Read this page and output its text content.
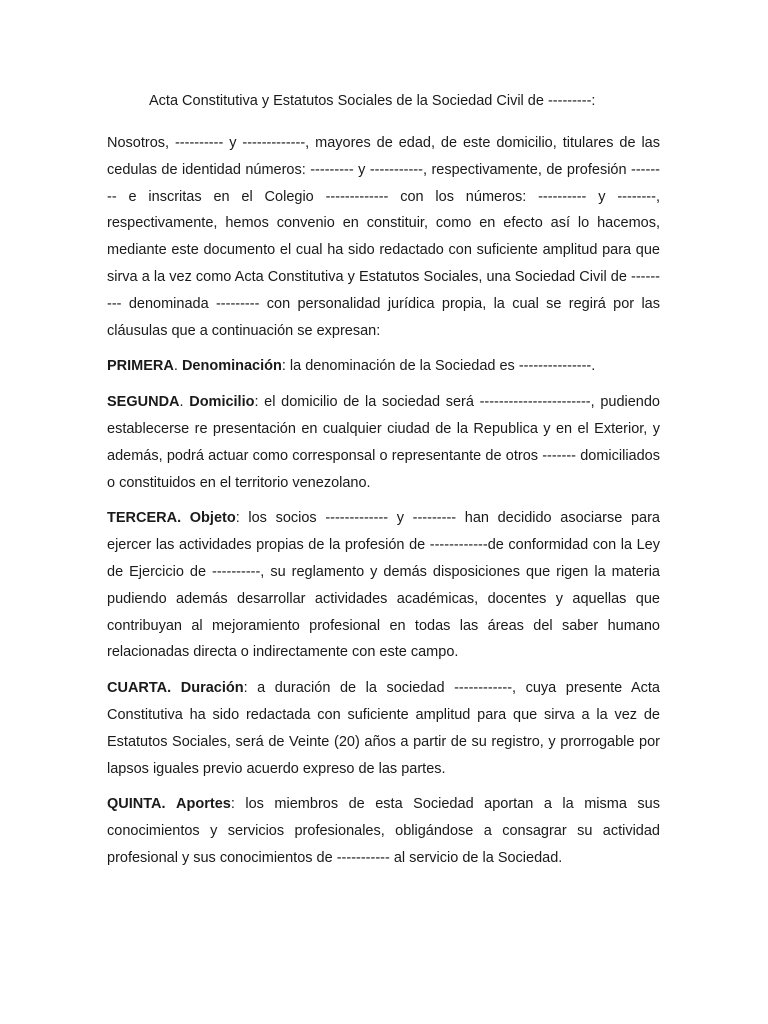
Acta Constitutiva y Estatutos Sociales de la Sociedad Civil de ---------:

Nosotros, ---------- y -------------, mayores de edad, de este domicilio, titulares de las cedulas de identidad números: --------- y -----------, respectivamente, de profesión -------- e inscritas en el Colegio ------------- con los números: ---------- y --------, respectivamente, hemos convenio en constituir, como en efecto así lo hacemos, mediante este documento el cual ha sido redactado con suficiente amplitud para que sirva a la vez como Acta Constitutiva y Estatutos Sociales, una Sociedad Civil de --------- denominada --------- con personalidad jurídica propia, la cual se regirá por las cláusulas que a continuación se expresan:

PRIMERA. Denominación: la denominación de la Sociedad es ---------------.

SEGUNDA. Domicilio: el domicilio de la sociedad será -----------------------, pudiendo establecerse re presentación en cualquier ciudad de la Republica y en el Exterior, y además, podrá actuar como corresponsal o representante de otros ------- domiciliados o constituidos en el territorio venezolano.

TERCERA. Objeto: los socios ------------- y --------- han decidido asociarse para ejercer las actividades propias de la profesión de ------------de conformidad con la Ley de Ejercicio de ----------, su reglamento y demás disposiciones que rigen la materia pudiendo además desarrollar actividades académicas, docentes y aquellas que contribuyan al mejoramiento profesional en todas las áreas del saber humano relacionadas directa o indirectamente con este campo.

CUARTA. Duración: a duración de la sociedad ------------, cuya presente Acta Constitutiva ha sido redactada con suficiente amplitud para que sirva a la vez de Estatutos Sociales, será de Veinte (20) años a partir de su registro, y prorrogable por lapsos iguales previo acuerdo expreso de las partes.

QUINTA. Aportes: los miembros de esta Sociedad aportan a la misma sus conocimientos y servicios profesionales, obligándose a consagrar su actividad profesional y sus conocimientos de ----------- al servicio de la Sociedad.
